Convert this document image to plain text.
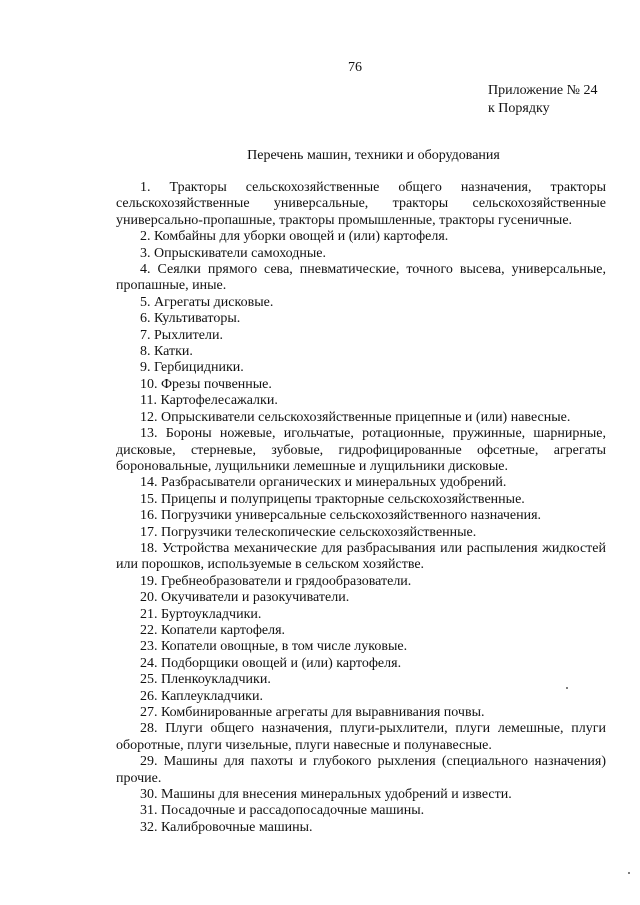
76
Приложение № 24
к Порядку
Перечень машин, техники и оборудования

1. Тракторы сельскохозяйственные общего назначения, тракторы сельскохозяйственные универсальные, тракторы сельскохозяйственные универсально-пропашные, тракторы промышленные, тракторы гусеничные.

2. Комбайны для уборки овощей и (или) картофеля.

3. Опрыскиватели самоходные.

4. Сеялки прямого сева, пневматические, точного высева, универсальные, пропашные, иные.

5. Агрегаты дисковые.

6. Культиваторы.

7. Рыхлители.

8. Катки.

9. Гербицидники.

10. Фрезы почвенные.

11. Картофелесажалки.

12. Опрыскиватели сельскохозяйственные прицепные и (или) навесные.

13. Бороны ножевые, игольчатые, ротационные, пружинные, шарнирные, дисковые, стерневые, зубовые, гидрофицированные офсетные, агрегаты бороновальные, лущильники лемешные и лущильники дисковые.

14. Разбрасыватели органических и минеральных удобрений.

15. Прицепы и полуприцепы тракторные сельскохозяйственные.

16. Погрузчики универсальные сельскохозяйственного назначения.

17. Погрузчики телескопические сельскохозяйственные.

18. Устройства механические для разбрасывания или распыления жидкостей или порошков, используемые в сельском хозяйстве.

19. Гребнеобразователи и грядообразователи.

20. Окучиватели и разокучиватели.

21. Буртоукладчики.

22. Копатели картофеля.

23. Копатели овощные, в том числе луковые.

24. Подборщики овощей и (или) картофеля.

25. Пленкоукладчики.

26. Каплеукладчики.

27. Комбинированные агрегаты для выравнивания почвы.

28. Плуги общего назначения, плуги-рыхлители, плуги лемешные, плуги оборотные, плуги чизельные, плуги навесные и полунавесные.

29. Машины для пахоты и глубокого рыхления (специального назначения) прочие.

30. Машины для внесения минеральных удобрений и извести.

31. Посадочные и рассадопосадочные машины.

32. Калибровочные машины.
